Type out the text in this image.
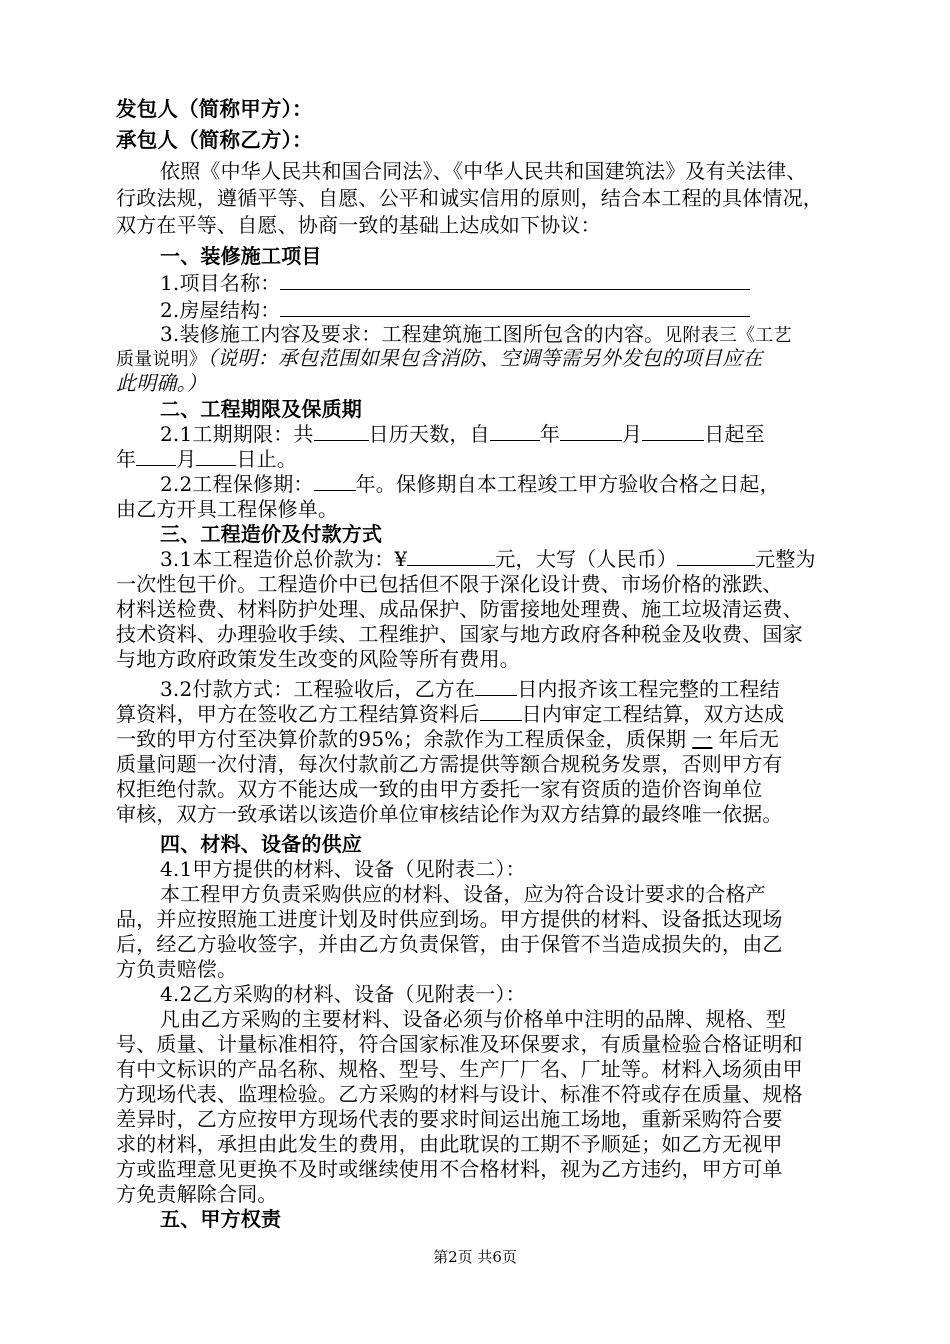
发包人（简称甲方）：
承包人（简称乙方）：
依照《中华人民共和国合同法》、《中华人民共和国建筑法》及有关法律、
行政法规，遵循平等、自愿、公平和诚实信用的原则，结合本工程的具体情况，
双方在平等、自愿、协商一致的基础上达成如下协议：
一、装修施工项目
1.项目名称：
2.房屋结构：
3.装修施工内容及要求：工程建筑施工图所包含的内容。见附表三《工艺
质量说明》（说明：承包范围如果包含消防、空调等需另外发包的项目应在
此明确。）
二、工程期限及保质期
2.1工期期限：共	日历天数，自	年	月	日起至
年 月 日止。
2.2工程保修期： 年。保修期自本工程竣工甲方验收合格之日起，
由乙方开具工程保修单。
三、工程造价及付款方式
3.1本工程造价总价款为：¥	元，大写（人民币）	元整为
一次性包干价。工程造价中已包括但不限于深化设计费、市场价格的涨跌、
材料送检费、材料防护处理、成品保护、防雷接地处理费、施工垃圾清运费、
技术资料、办理验收手续、工程维护、国家与地方政府各种税金及收费、国家
与地方政府政策发生改变的风险等所有费用。
3.2付款方式：工程验收后，乙方在 日内报齐该工程完整的工程结
算资料，甲方在签收乙方工程结算资料后 日内审定工程结算，双方达成
一致的甲方付至决算价款的95%；余款作为工程质保金，质保期 一 年后无
质量问题一次付清，每次付款前乙方需提供等额合规税务发票，否则甲方有
权拒绝付款。双方不能达成一致的由甲方委托一家有资质的造价咨询单位
审核，双方一致承诺以该造价单位审核结论作为双方结算的最终唯一依据。
四、材料、设备的供应
4.1甲方提供的材料、设备（见附表二）：
本工程甲方负责采购供应的材料、设备，应为符合设计要求的合格产
品，并应按照施工进度计划及时供应到场。甲方提供的材料、设备抵达现场
后，经乙方验收签字，并由乙方负责保管，由于保管不当造成损失的，由乙
方负责赔偿。
4.2乙方采购的材料、设备（见附表一）：
凡由乙方采购的主要材料、设备必须与价格单中注明的品牌、规格、型
号、质量、计量标准相符，符合国家标准及环保要求，有质量检验合格证明和
有中文标识的产品名称、规格、型号、生产厂厂名、厂址等。材料入场须由甲
方现场代表、监理检验。乙方采购的材料与设计、标准不符或存在质量、规格
差异时，乙方应按甲方现场代表的要求时间运出施工场地，重新采购符合要
求的材料，承担由此发生的费用，由此耽误的工期不予顺延；如乙方无视甲
方或监理意见更换不及时或继续使用不合格材料，视为乙方违约，甲方可单
方免责解除合同。
五、甲方权责
第2页 共6页
